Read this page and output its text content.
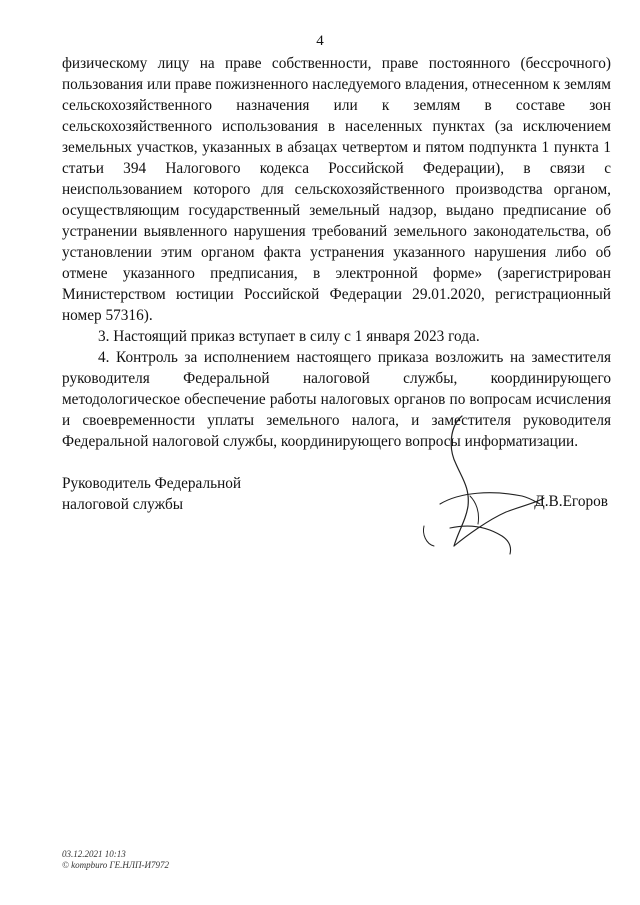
4

физическому лицу на праве собственности, праве постоянного (бессрочного) пользования или праве пожизненного наследуемого владения, отнесенном к землям сельскохозяйственного назначения или к землям в составе зон сельскохозяйственного использования в населенных пунктах (за исключением земельных участков, указанных в абзацах четвертом и пятом подпункта 1 пункта 1 статьи 394 Налогового кодекса Российской Федерации), в связи с неиспользованием которого для сельскохозяйственного производства органом, осуществляющим государственный земельный надзор, выдано предписание об устранении выявленного нарушения требований земельного законодательства, об установлении этим органом факта устранения указанного нарушения либо об отмене указанного предписания, в электронной форме» (зарегистрирован Министерством юстиции Российской Федерации 29.01.2020, регистрационный номер 57316).

3. Настоящий приказ вступает в силу с 1 января 2023 года.

4. Контроль за исполнением настоящего приказа возложить на заместителя руководителя Федеральной налоговой службы, координирующего методологическое обеспечение работы налоговых органов по вопросам исчисления и своевременности уплаты земельного налога, и заместителя руководителя Федеральной налоговой службы, координирующего вопросы информатизации.

Руководитель Федеральной
налоговой службы	Д.В.Егоров
03.12.2021 10:13
© kompburo ГЕ.НЛП-И7972
